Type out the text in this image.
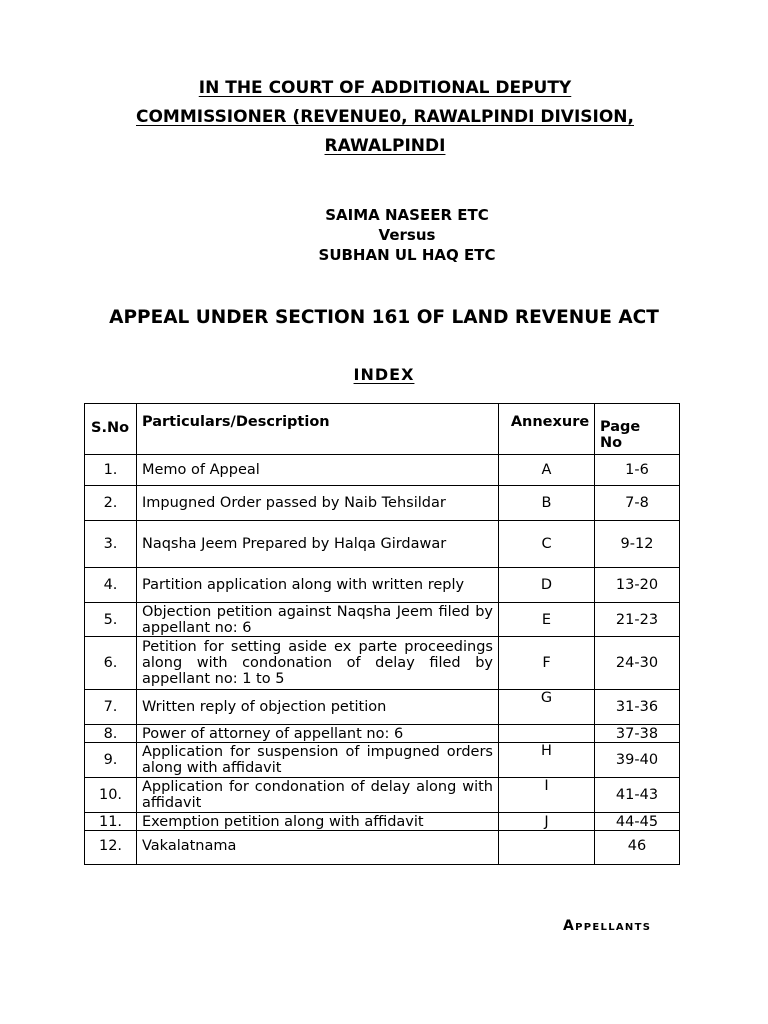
IN THE COURT OF ADDITIONAL DEPUTY
COMMISSIONER (REVENUE0, RAWALPINDI DIVISION,
RAWALPINDI
SAIMA NASEER ETC
Versus
SUBHAN UL HAQ ETC
APPEAL UNDER SECTION 161 OF LAND REVENUE ACT
INDEX
S.No	Particulars/Description	Annexure	Page No
1.	Memo of Appeal	A	1-6
2.	Impugned Order passed by Naib Tehsildar	B	7-8
3.	Naqsha Jeem Prepared by Halqa Girdawar	C	9-12
4.	Partition application along with written reply	D	13-20
5.	Objection petition against Naqsha Jeem filed by appellant no: 6	E	21-23
6.	Petition for setting aside ex parte proceedings along with condonation of delay filed by appellant no: 1 to 5	F	24-30
7.	Written reply of objection petition	G	31-36
8.	Power of attorney of appellant no: 6		37-38
9.	Application for suspension of impugned orders along with affidavit	H	39-40
10.	Application for condonation of delay along with affidavit	I	41-43
11.	Exemption petition along with affidavit	J	44-45
12.	Vakalatnama		46
Appellants
